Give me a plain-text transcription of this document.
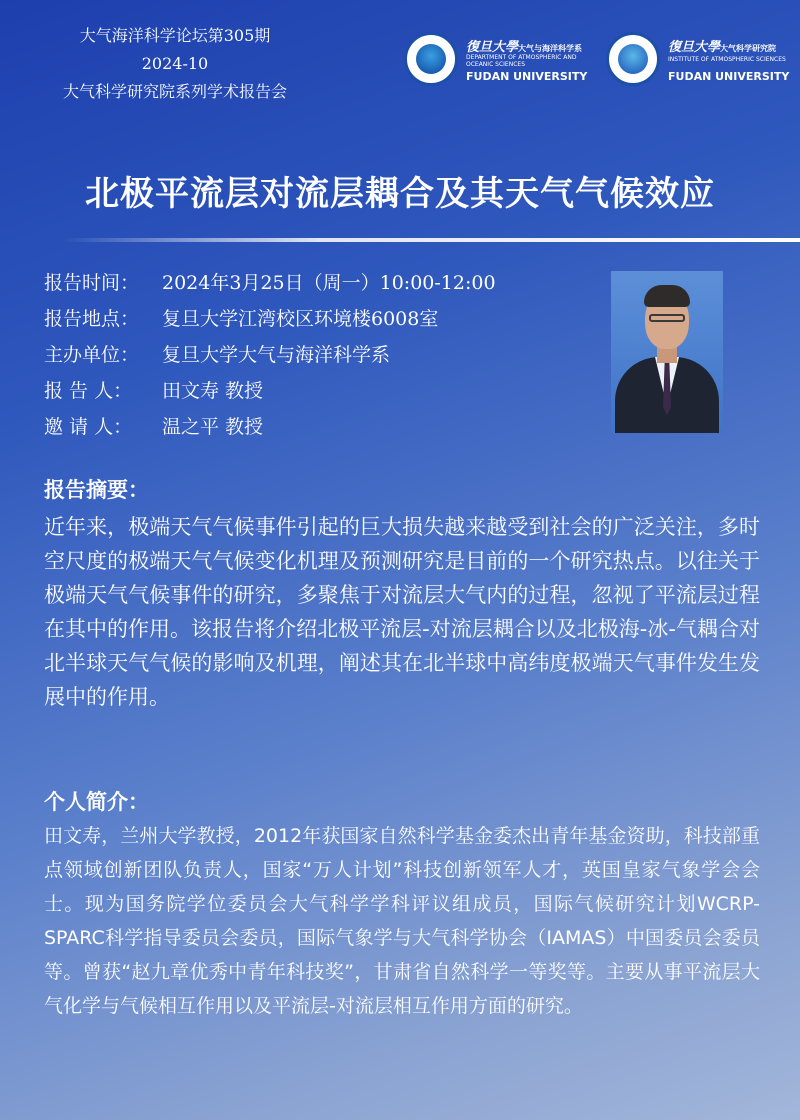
大气海洋科学论坛第305期
2024-10
大气科学研究院系列学术报告会
復旦大學大气与海洋科学系
DEPARTMENT OF ATMOSPHERIC AND OCEANIC SCIENCES
FUDAN UNIVERSITY
復旦大學大气科学研究院
INSTITUTE OF ATMOSPHERIC SCIENCES
FUDAN UNIVERSITY
北极平流层对流层耦合及其天气气候效应
报告时间： 2024年3月25日（周一）10:00-12:00
报告地点： 复旦大学江湾校区环境楼6008室
主办单位： 复旦大学大气与海洋科学系
报 告 人： 田文寿 教授
邀 请 人： 温之平 教授
报告摘要：
近年来，极端天气气候事件引起的巨大损失越来越受到社会的广泛关注，多时空尺度的极端天气气候变化机理及预测研究是目前的一个研究热点。以往关于极端天气气候事件的研究，多聚焦于对流层大气内的过程，忽视了平流层过程在其中的作用。该报告将介绍北极平流层-对流层耦合以及北极海-冰-气耦合对北半球天气气候的影响及机理，阐述其在北半球中高纬度极端天气事件发生发展中的作用。
个人简介：
田文寿，兰州大学教授，2012年获国家自然科学基金委杰出青年基金资助，科技部重点领域创新团队负责人，国家“万人计划”科技创新领军人才，英国皇家气象学会会士。现为国务院学位委员会大气科学学科评议组成员，国际气候研究计划WCRP-SPARC科学指导委员会委员，国际气象学与大气科学协会（IAMAS）中国委员会委员等。曾获“赵九章优秀中青年科技奖”，甘肃省自然科学一等奖等。主要从事平流层大气化学与气候相互作用以及平流层-对流层相互作用方面的研究。
